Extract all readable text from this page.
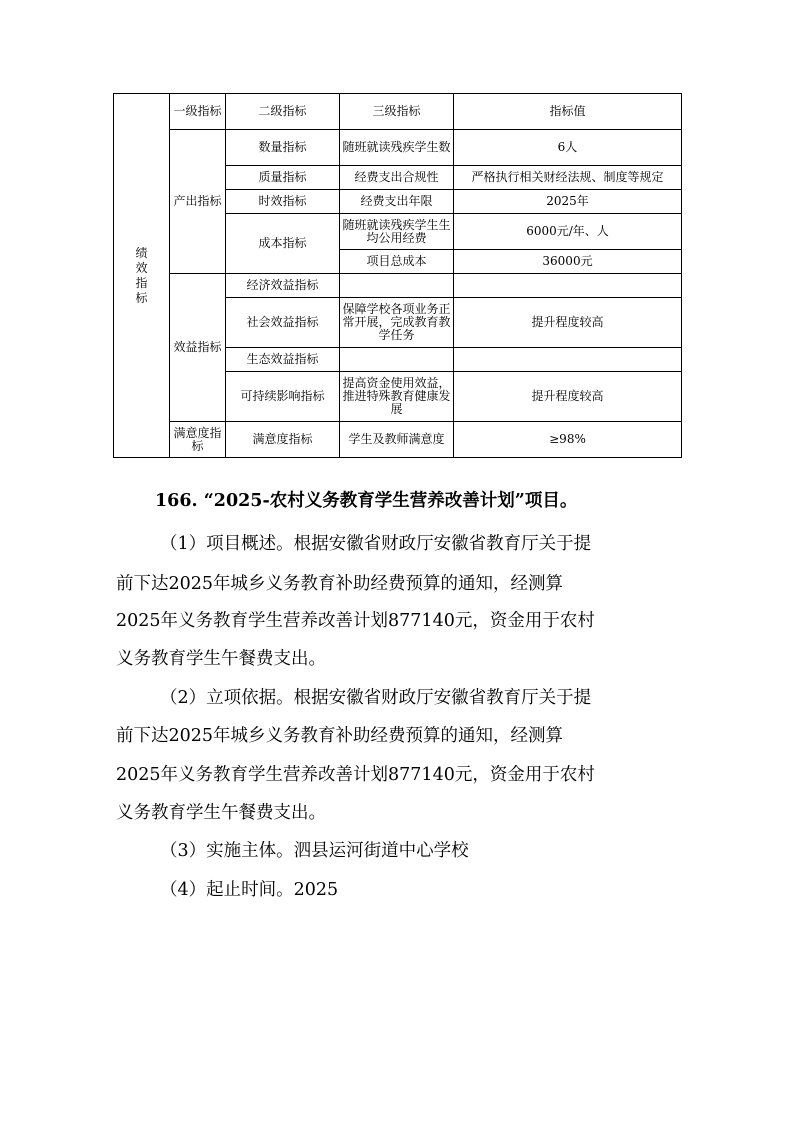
绩效指标	一级指标	二级指标	三级指标	指标值
	产出指标	数量指标	随班就读残疾学生数	6人
		质量指标	经费支出合规性	严格执行相关财经法规、制度等规定
		时效指标	经费支出年限	2025年
		成本指标	随班就读残疾学生生均公用经费	6000元/年、人
			项目总成本	36000元
	效益指标	经济效益指标		
		社会效益指标	保障学校各项业务正常开展，完成教育教学任务	提升程度较高
		生态效益指标		
		可持续影响指标	提高资金使用效益，推进特殊教育健康发展	提升程度较高
	满意度指标	满意度指标	学生及教师满意度	≥98%
166. “2025-农村义务教育学生营养改善计划”项目。
（1）项目概述。根据安徽省财政厅安徽省教育厅关于提
前下达2025年城乡义务教育补助经费预算的通知，经测算
2025年义务教育学生营养改善计划877140元，资金用于农村
义务教育学生午餐费支出。
（2）立项依据。根据安徽省财政厅安徽省教育厅关于提
前下达2025年城乡义务教育补助经费预算的通知，经测算
2025年义务教育学生营养改善计划877140元，资金用于农村
义务教育学生午餐费支出。
（3）实施主体。泗县运河街道中心学校
（4）起止时间。2025
